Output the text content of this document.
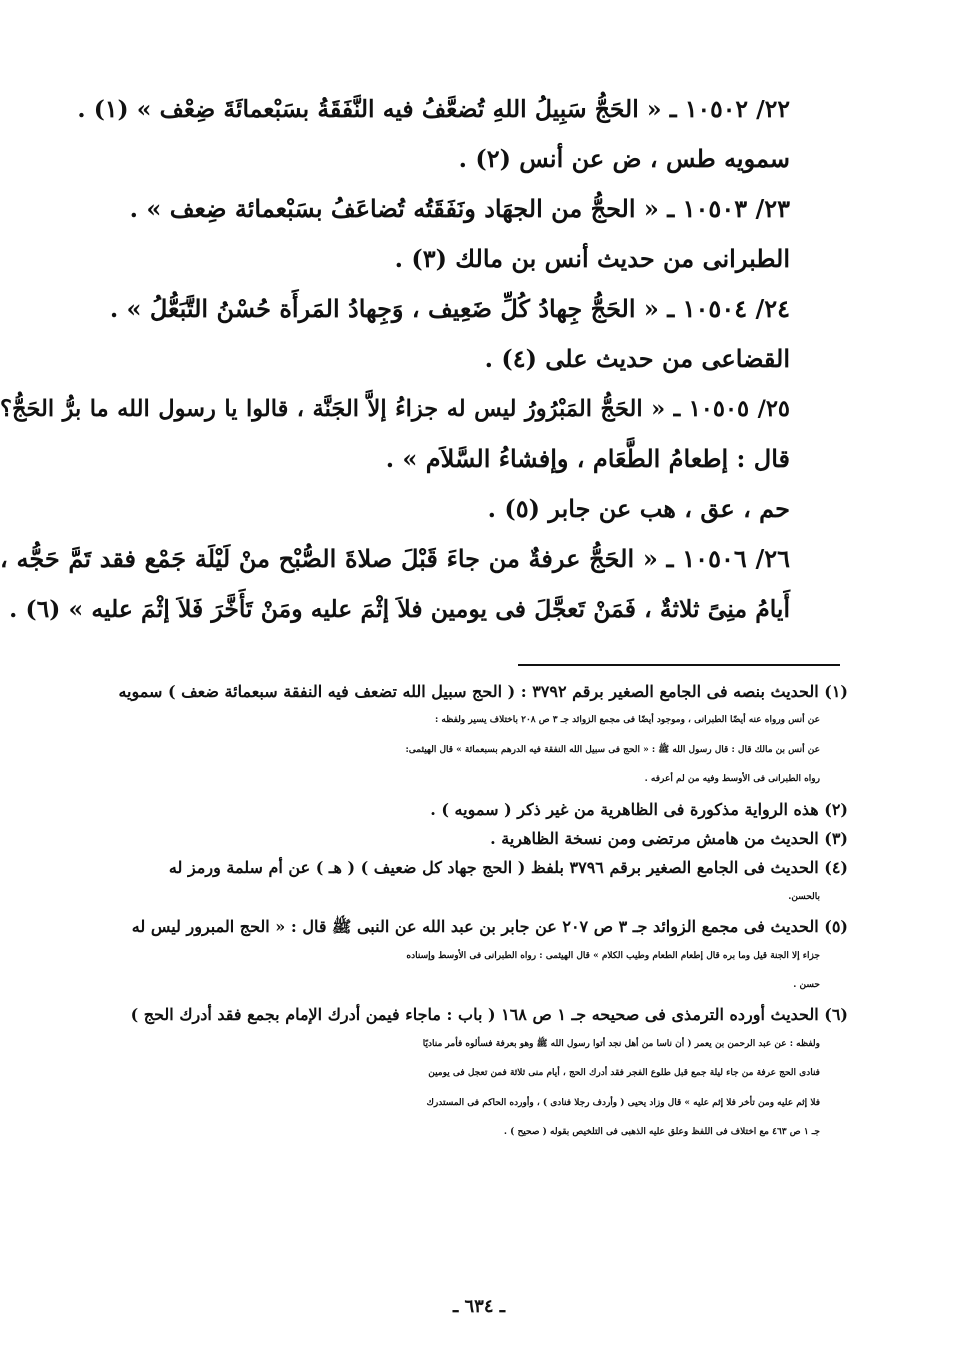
٢٢/ ١٠٥٠٢ ـ « الحَجُّ سَبِيلُ اللهِ تُضعَّفُ فيه النَّفَقَةُ بسَبْعمائَةَ ضِعْف » (١) .
سمويه طس ، ض عن أنس (٢) .
٢٣/ ١٠٥٠٣ ـ « الحجُّ من الجهَاد ونَفَقَتُه تُضاعَفُ بسَبْعمائة ضِعف » .
الطبرانى من حديث أنس بن مالك (٣) .
٢٤/ ١٠٥٠٤ ـ « الحَجُّ جِهادُ كُلِّ ضَعِيف ، وَجِهادُ المَرأَة حُسْنُ التَّبَعُّلُ » .
القضاعى من حديث على (٤) .
٢٥/ ١٠٥٠٥ ـ « الحَجُّ المَبْرُورُ ليس له جزاءُ إلاَّ الجَنَّة ، قالوا يا رسول الله ما برُّ الحَجُّ؟
قال : إطعامُ الطَّعَام ، وإفشاءُ السَّلاَم » .
حم ، عق ، هب عن جابر (٥) .
٢٦/ ١٠٥٠٦ ـ « الحَجُّ عرفةٌ من جاءَ قَبْلَ صلاةَ الصُّبْح منْ لَيْلَة جَمْع فقد تَمَّ حَجُّه ،
أَيامُ منِىً ثلاثةٌ ، فَمَنْ تَعجَّلَ فى يومين فلاَ إثْمَ عليه ومَنْ تَأَخَّرَ فَلاَ إثْمَ عليه » (٦) .
(١) الحديث بنصه فى الجامع الصغير برقم ٣٧٩٢ : ( الحج سبيل الله تضعف فيه النفقة سبعمائة ضعف ) سمويه
عن أنس ورواه عنه أيضًا الطبرانى ، وموجود أيضًا فى مجمع الزوائد جـ ٣ ص ٢٠٨ باختلاف يسير ولفظه :
عن أنس بن مالك قال : قال رسول الله ﷺ : « الحج فى سبيل الله النفقة فيه الدرهم بسبعمائة » قال الهيثمى:
رواه الطبرانى فى الأوسط وفيه من لم أعرفه .
(٢) هذه الرواية مذكورة فى الظاهرية من غير ذكر ( سمويه ) .
(٣) الحديث من هامش مرتضى ومن نسخة الظاهرية .
(٤) الحديث فى الجامع الصغير برقم ٣٧٩٦ بلفظ ( الحج جهاد كل ضعيف ) ( هـ ) عن أم سلمة ورمز له
بالحسن.
(٥) الحديث فى مجمع الزوائد جـ ٣ ص ٢٠٧ عن جابر بن عبد الله عن النبى ﷺ قال : « الحج المبرور ليس له
جزاء إلا الجنة قيل وما بره قال إطعام الطعام وطيب الكلام » قال الهيثمى : رواه الطبرانى فى الأوسط وإسناده
حسن .
(٦) الحديث أورده الترمذى فى صحيحه جـ ١ ص ١٦٨ ( باب : ماجاء فيمن أدرك الإمام بجمع فقد أدرك الحج )
ولفظه : عن عبد الرحمن بن يعمر ( أن ناسا من أهل نجد أتوا رسول الله ﷺ وهو بعرفة فسألوه فأمر مناديًا
فنادى الحج عرفة من جاء ليلة جمع قبل طلوع الفجر فقد أدرك الحج ، أيام منى ثلاثة فمن تعجل فى يومين
فلا إثم عليه ومن تأخر فلا إثم عليه » قال وزاد يحيى ( وأردف رجلا فنادى ) ، وأورده الحاكم فى المستدرك
جـ ١ ص ٤٦٣ مع اختلاف فى اللفظ وعلق عليه الذهبى فى التلخيص بقوله ( صحيح ) .
ـ ٦٣٤ ـ
